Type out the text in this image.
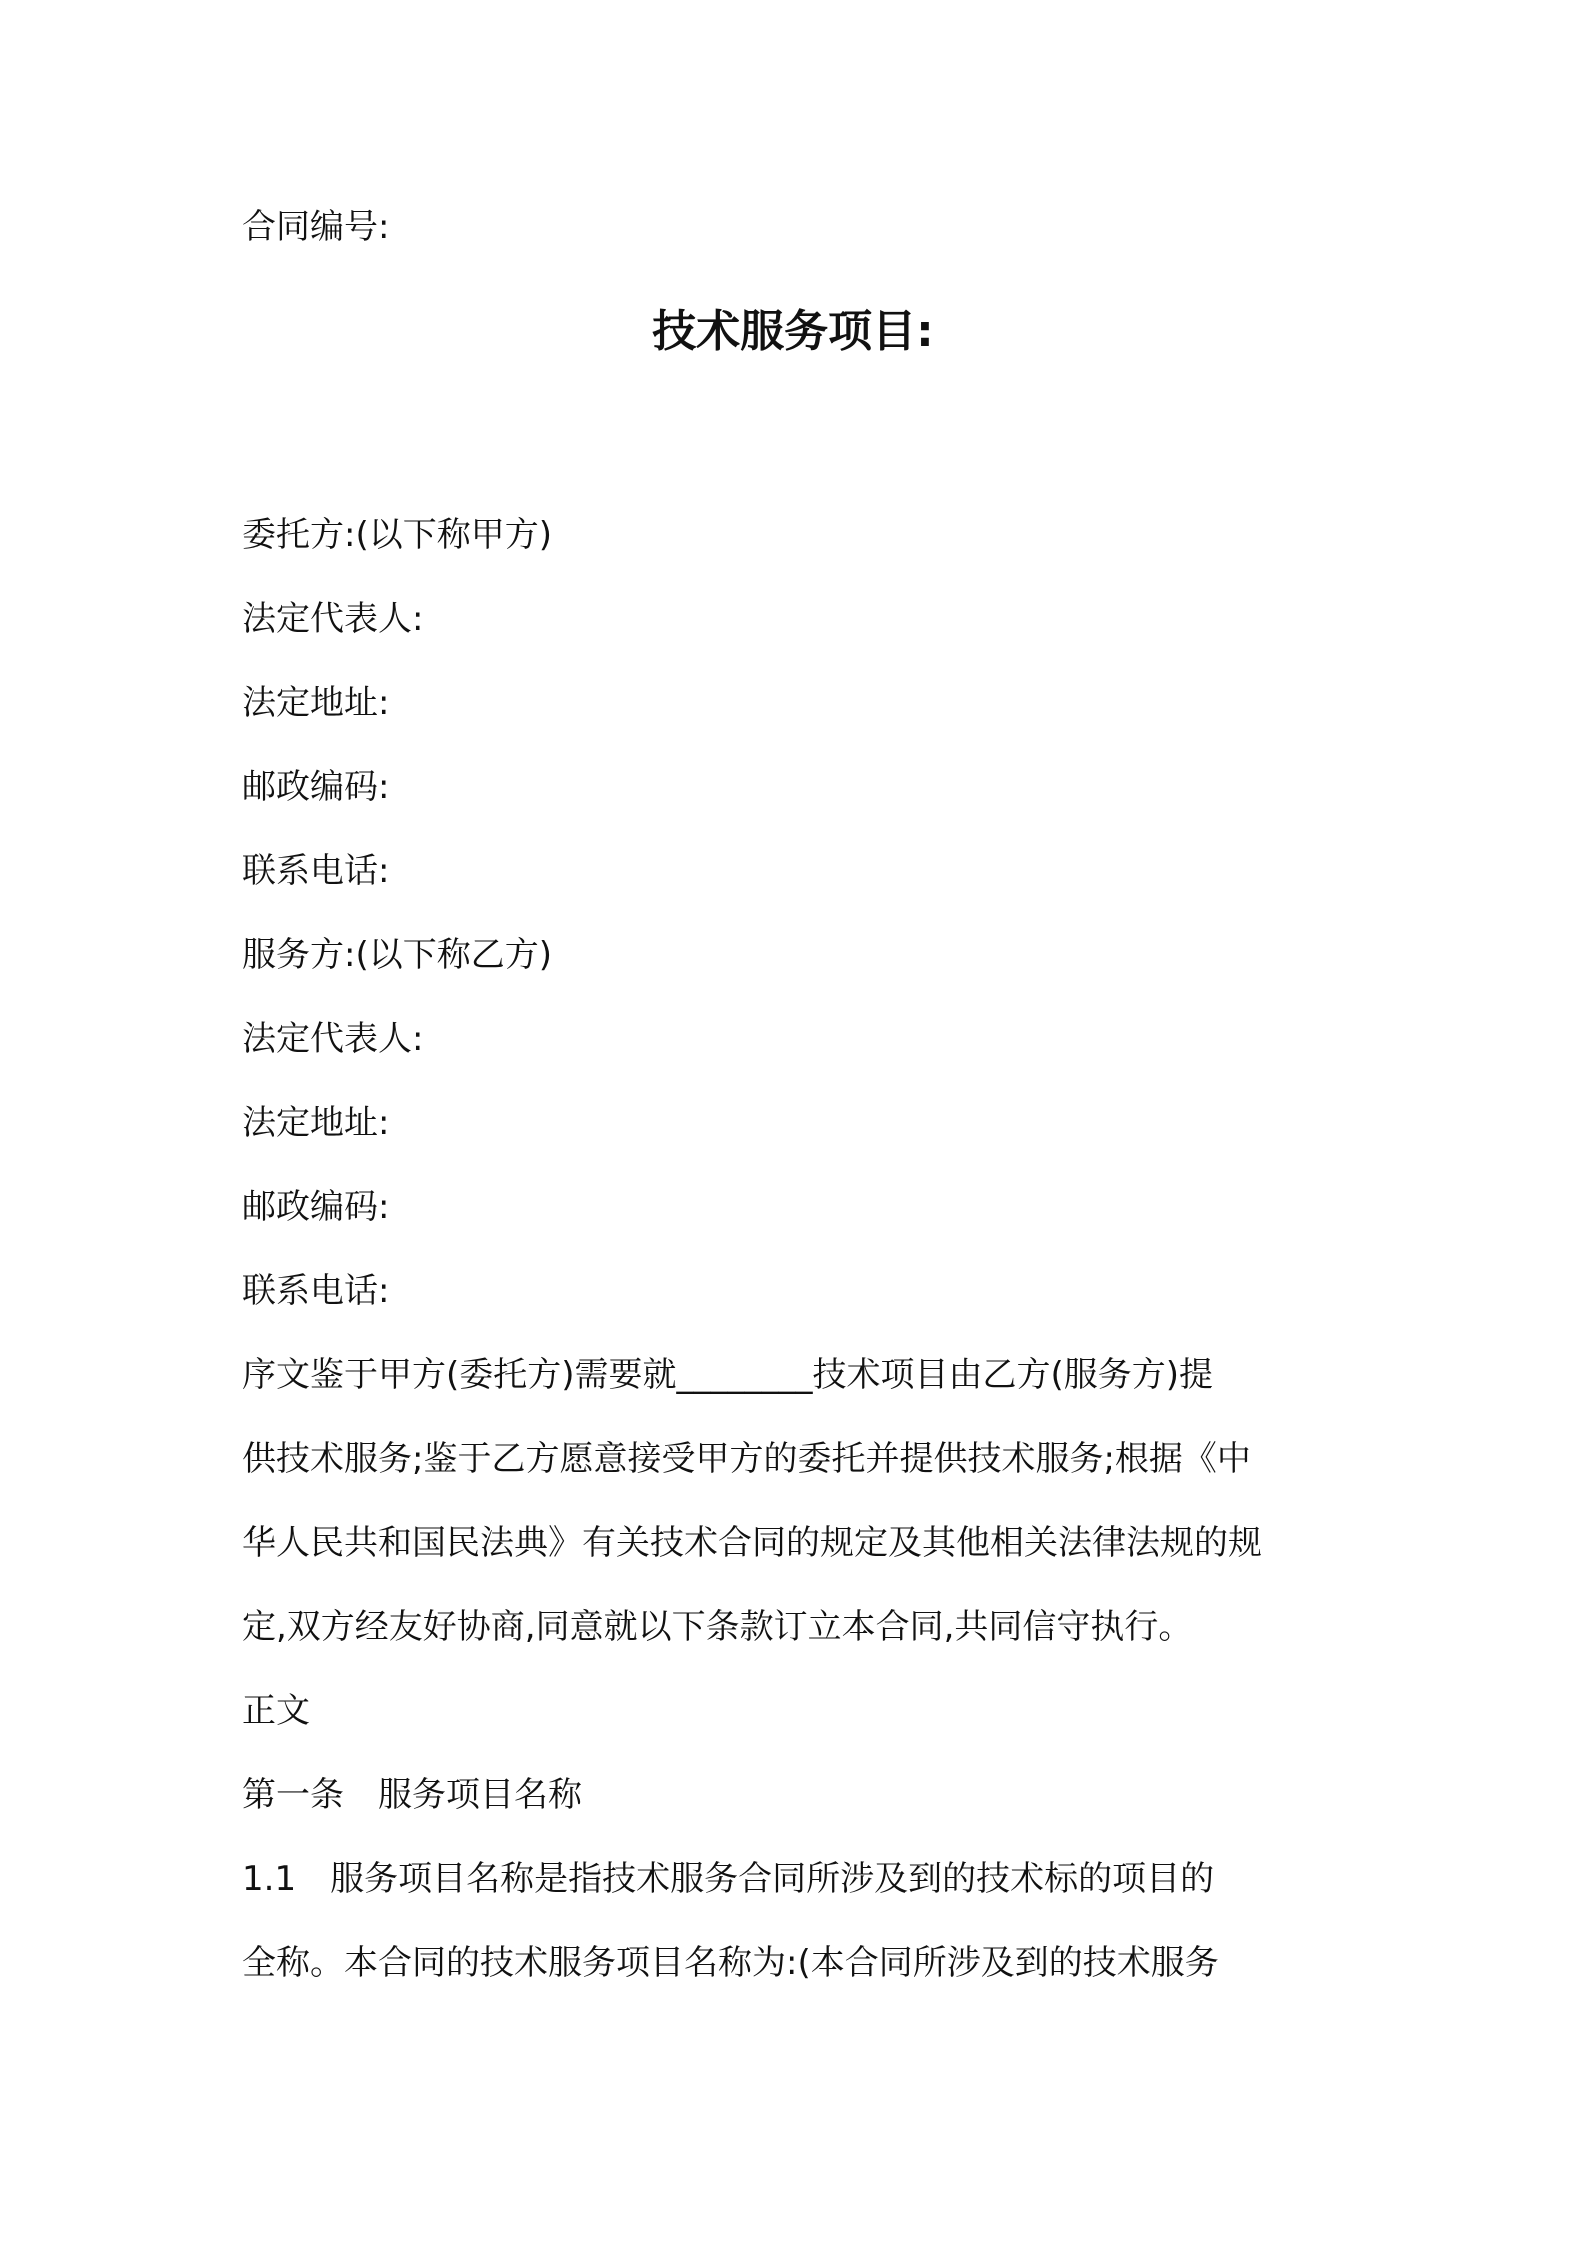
合同编号:
技术服务项目:
委托方:(以下称甲方)
法定代表人:
法定地址:
邮政编码:
联系电话:
服务方:(以下称乙方)
法定代表人:
法定地址:
邮政编码:
联系电话:
序文鉴于甲方(委托方)需要就________技术项目由乙方(服务方)提
供技术服务;鉴于乙方愿意接受甲方的委托并提供技术服务;根据《中
华人民共和国民法典》有关技术合同的规定及其他相关法律法规的规
定,双方经友好协商,同意就以下条款订立本合同,共同信守执行。
正文
第一条　服务项目名称
1.1　服务项目名称是指技术服务合同所涉及到的技术标的项目的
全称。本合同的技术服务项目名称为:(本合同所涉及到的技术服务
